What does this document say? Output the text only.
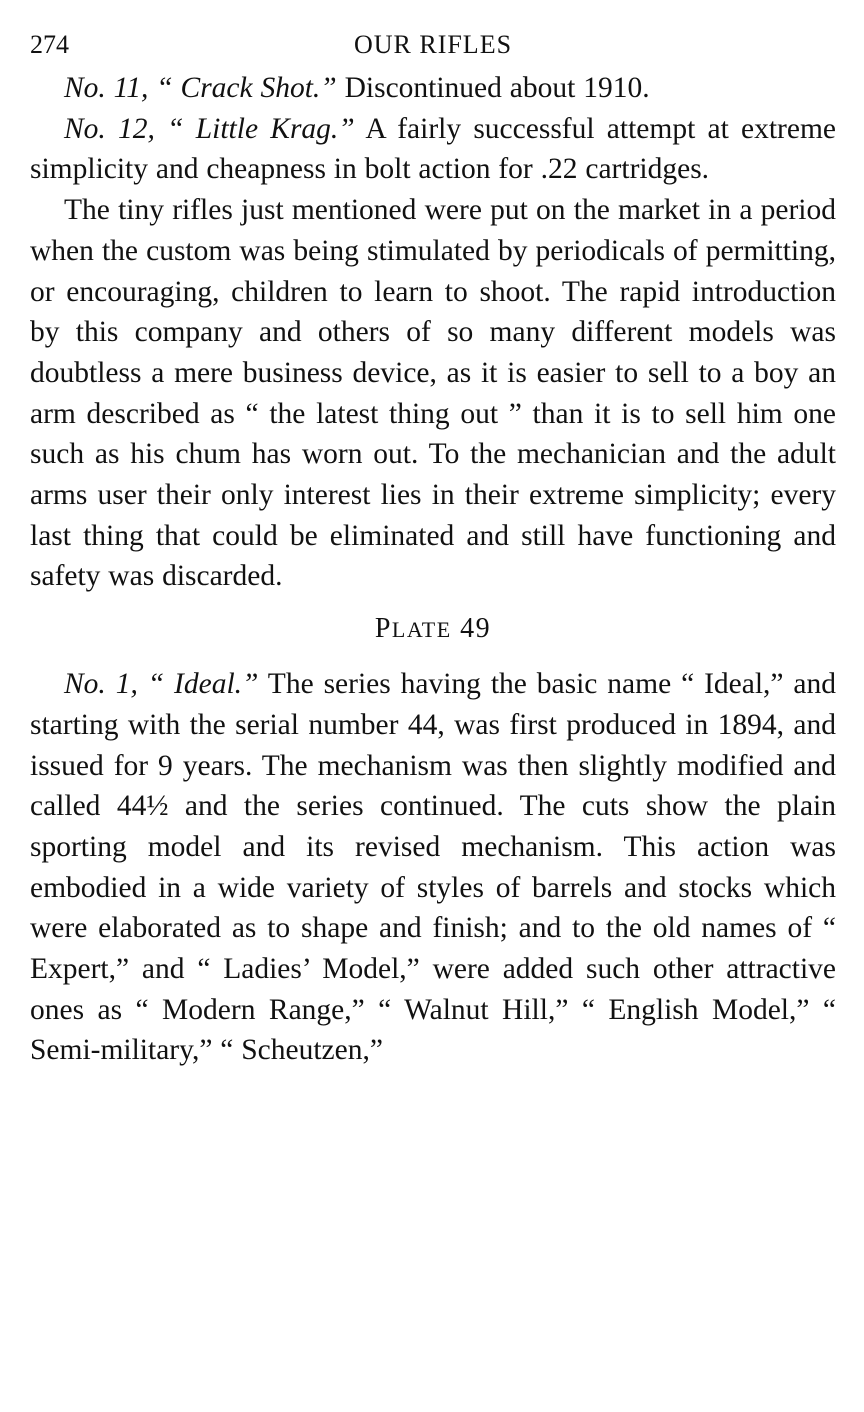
274	OUR RIFLES

No. 11, “ Crack Shot.” Discontinued about 1910.

No. 12, “ Little Krag.” A fairly successful attempt at extreme simplicity and cheapness in bolt action for .22 cartridges.

The tiny rifles just mentioned were put on the market in a period when the custom was being stimulated by periodicals of permitting, or encouraging, children to learn to shoot. The rapid introduction by this company and others of so many different models was doubtless a mere business device, as it is easier to sell to a boy an arm described as “ the latest thing out ” than it is to sell him one such as his chum has worn out. To the mechanician and the adult arms user their only interest lies in their extreme simplicity; every last thing that could be eliminated and still have functioning and safety was discarded.

PLATE 49

No. 1, “ Ideal.” The series having the basic name “ Ideal,” and starting with the serial number 44, was first produced in 1894, and issued for 9 years. The mechanism was then slightly modified and called 44½ and the series continued. The cuts show the plain sporting model and its revised mechanism. This action was embodied in a wide variety of styles of barrels and stocks which were elaborated as to shape and finish; and to the old names of “ Expert,” and “ Ladies’ Model,” were added such other attractive ones as “ Modern Range,” “ Walnut Hill,” “ English Model,” “ Semi-military,” “ Scheutzen,”
